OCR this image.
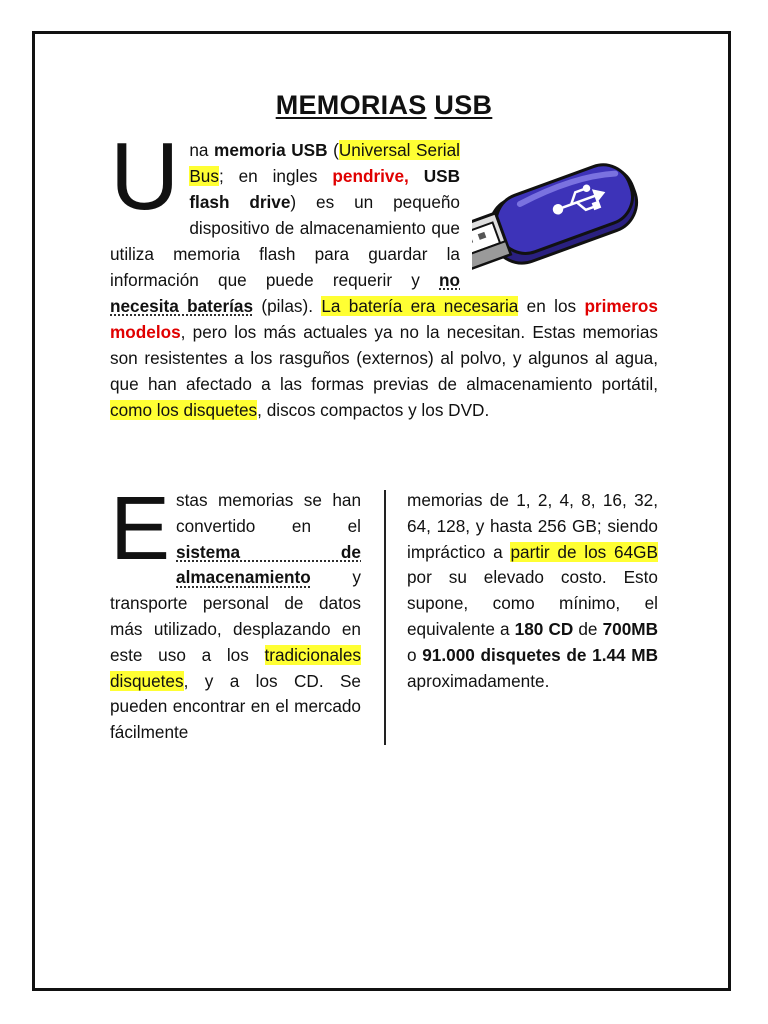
MEMORIAS USB
U na memoria USB (Universal Serial Bus; en ingles pendrive, USB flash drive) es un pequeño dispositivo de almacenamiento que utiliza memoria flash para guardar la información que puede requerir y no necesita baterías (pilas). La batería era necesaria en los primeros modelos, pero los más actuales ya no la necesitan. Estas memorias son resistentes a los rasguños (externos) al polvo, y algunos al agua, que han afectado a las formas previas de almacenamiento portátil, como los disquetes, discos compactos y los DVD.
E stas memorias se han convertido en el sistema de almacenamiento y transporte personal de datos más utilizado, desplazando en este uso a los tradicionales disquetes, y a los CD. Se pueden encontrar en el mercado fácilmente
memorias de 1, 2, 4, 8, 16, 32, 64, 128, y hasta 256 GB; siendo impráctico a partir de los 64GB por su elevado costo. Esto supone, como mínimo, el equivalente a 180 CD de 700MB o 91.000 disquetes de 1.44 MB aproximadamente.
